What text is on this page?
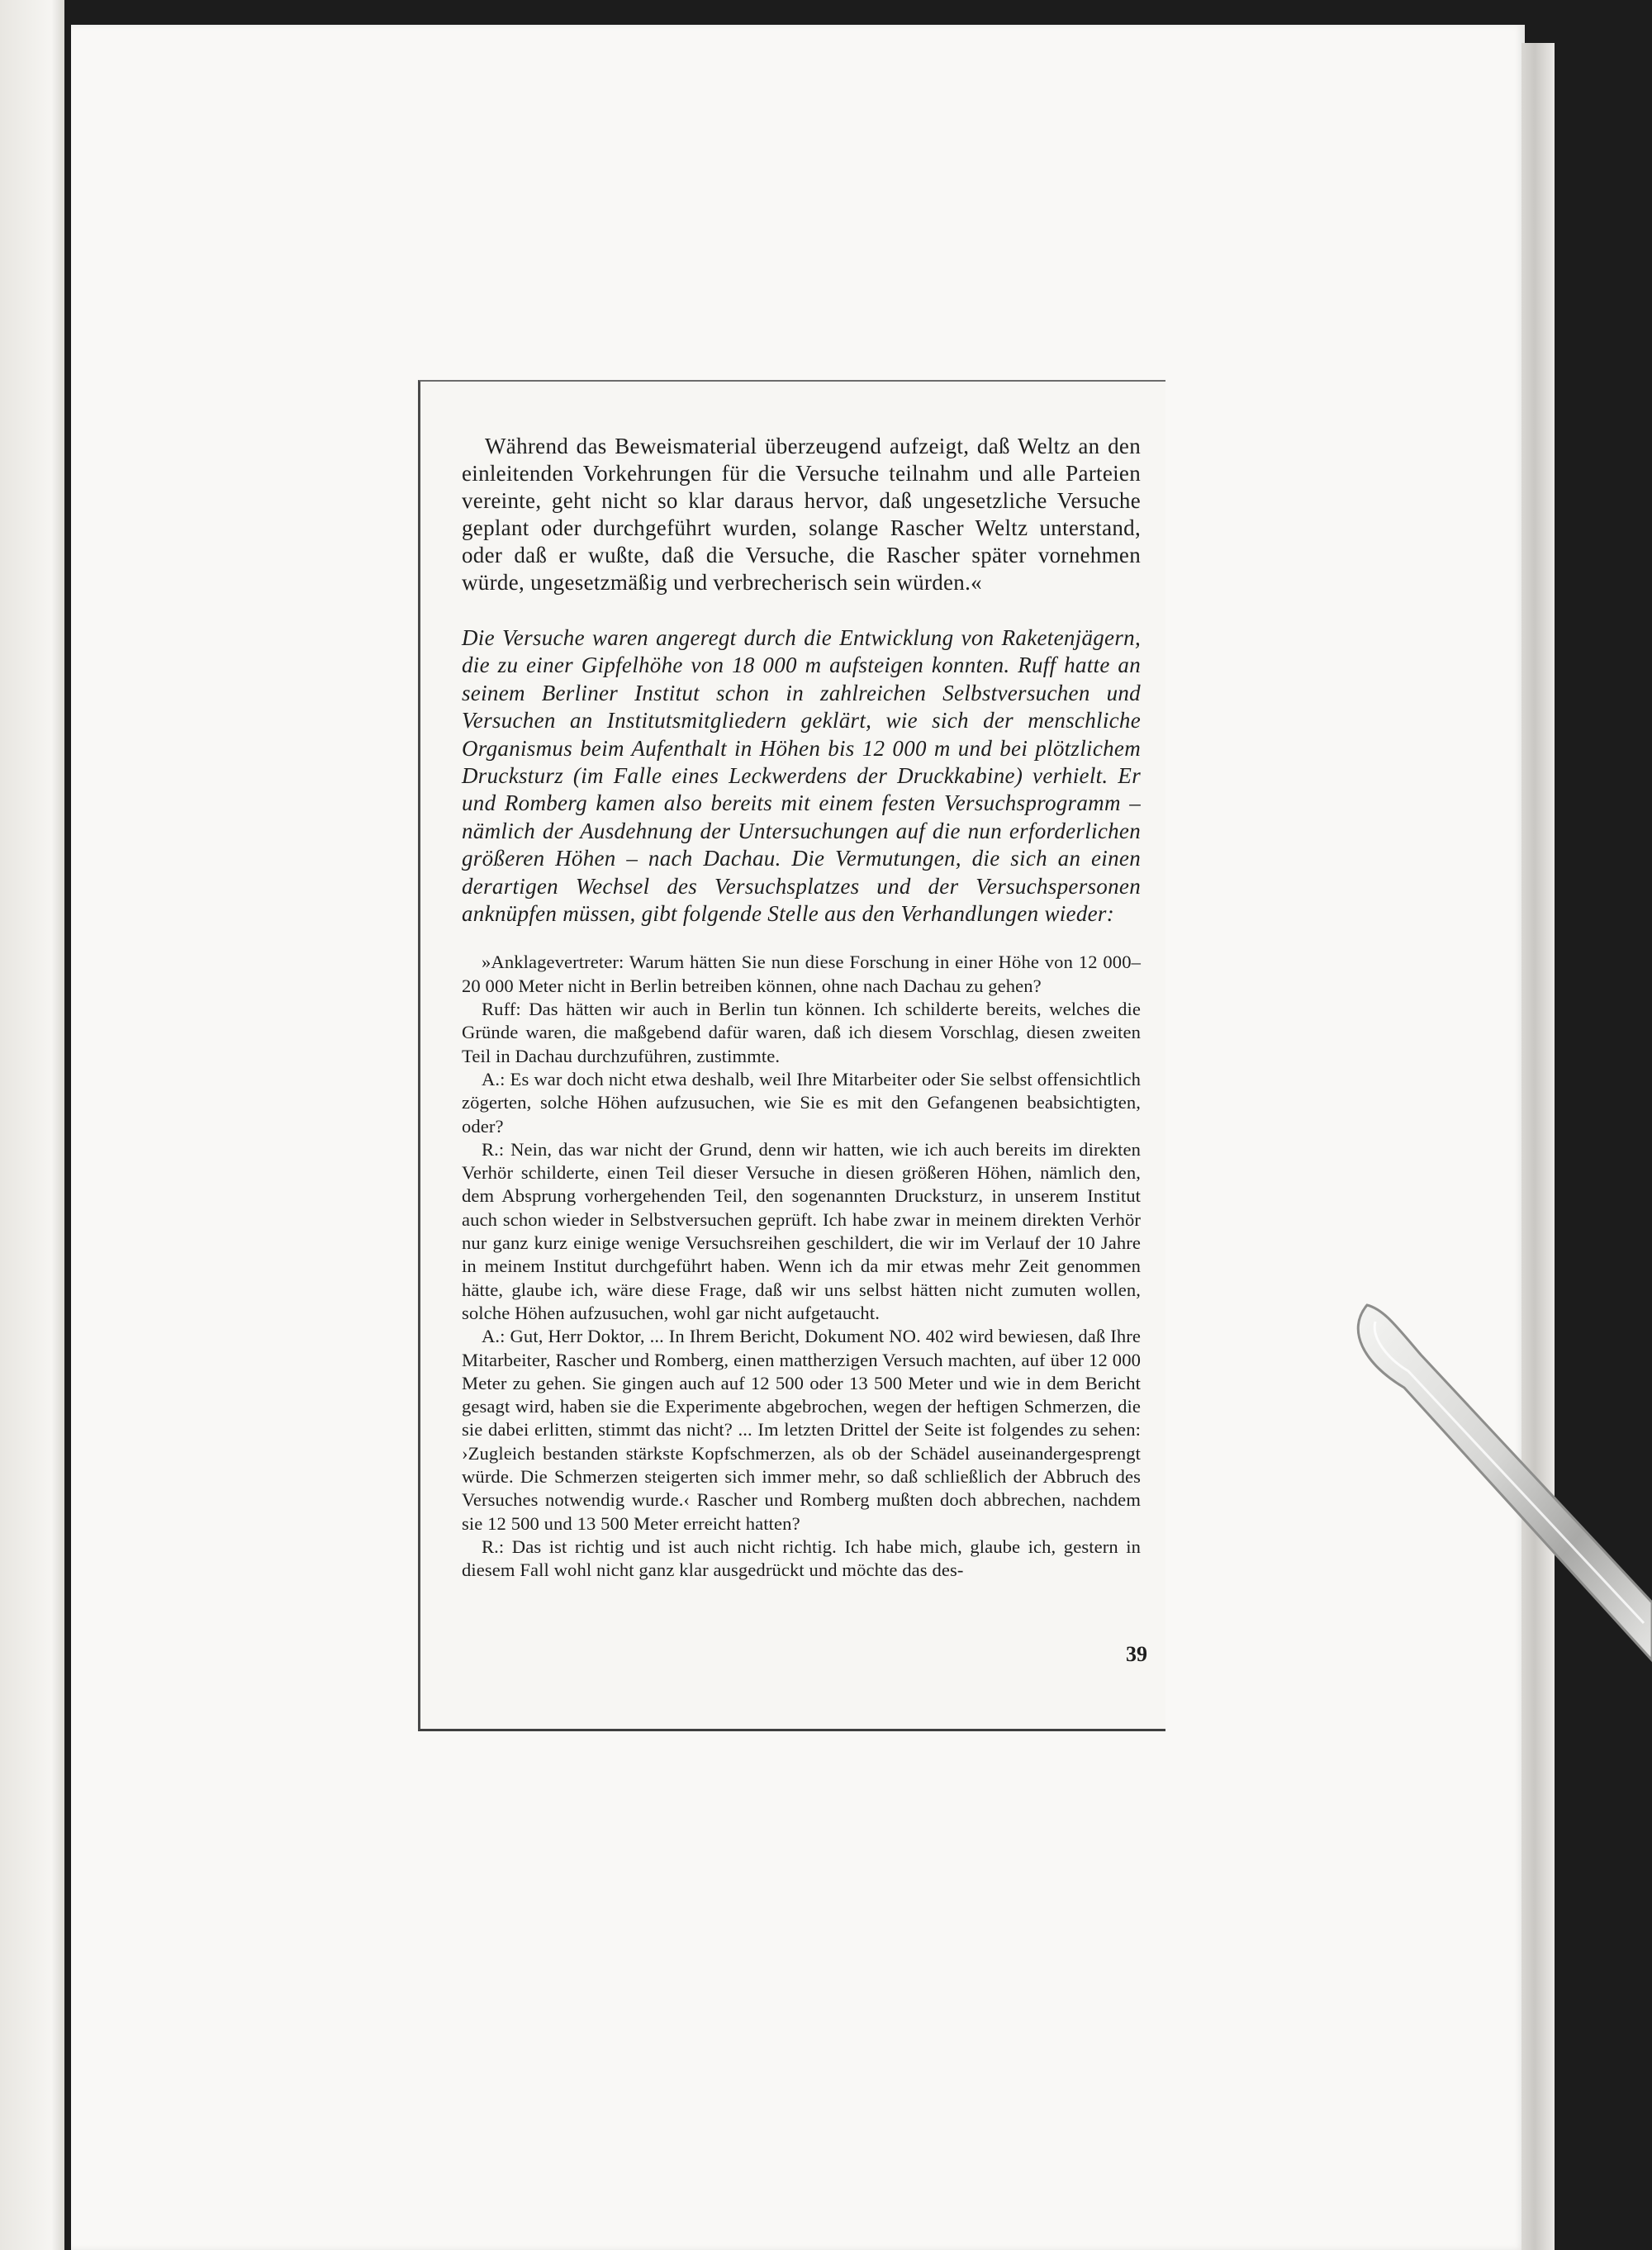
Während das Beweismaterial überzeugend aufzeigt, daß Weltz an den einleitenden Vorkehrungen für die Versuche teilnahm und alle Parteien vereinte, geht nicht so klar daraus hervor, daß ungesetzliche Versuche geplant oder durchgeführt wurden, solange Rascher Weltz unterstand, oder daß er wußte, daß die Versuche, die Rascher später vornehmen würde, ungesetzmäßig und verbrecherisch sein würden.«

Die Versuche waren angeregt durch die Entwicklung von Raketenjägern, die zu einer Gipfelhöhe von 18 000 m aufsteigen konnten. Ruff hatte an seinem Berliner Institut schon in zahlreichen Selbstversuchen und Versuchen an Institutsmitgliedern geklärt, wie sich der menschliche Organismus beim Aufenthalt in Höhen bis 12 000 m und bei plötzlichem Drucksturz (im Falle eines Leckwerdens der Druckkabine) verhielt. Er und Romberg kamen also bereits mit einem festen Versuchsprogramm – nämlich der Ausdehnung der Untersuchungen auf die nun erforderlichen größeren Höhen – nach Dachau. Die Vermutungen, die sich an einen derartigen Wechsel des Versuchsplatzes und der Versuchspersonen anknüpfen müssen, gibt folgende Stelle aus den Verhandlungen wieder:

»Anklagevertreter: Warum hätten Sie nun diese Forschung in einer Höhe von 12 000–20 000 Meter nicht in Berlin betreiben können, ohne nach Dachau zu gehen?

Ruff: Das hätten wir auch in Berlin tun können. Ich schilderte bereits, welches die Gründe waren, die maßgebend dafür waren, daß ich diesem Vorschlag, diesen zweiten Teil in Dachau durchzuführen, zustimmte.

A.: Es war doch nicht etwa deshalb, weil Ihre Mitarbeiter oder Sie selbst offensichtlich zögerten, solche Höhen aufzusuchen, wie Sie es mit den Gefangenen beabsichtigten, oder?

R.: Nein, das war nicht der Grund, denn wir hatten, wie ich auch bereits im direkten Verhör schilderte, einen Teil dieser Versuche in diesen größeren Höhen, nämlich den, dem Absprung vorhergehenden Teil, den sogenannten Drucksturz, in unserem Institut auch schon wieder in Selbstversuchen geprüft. Ich habe zwar in meinem direkten Verhör nur ganz kurz einige wenige Versuchsreihen geschildert, die wir im Verlauf der 10 Jahre in meinem Institut durchgeführt haben. Wenn ich da mir etwas mehr Zeit genommen hätte, glaube ich, wäre diese Frage, daß wir uns selbst hätten nicht zumuten wollen, solche Höhen aufzusuchen, wohl gar nicht aufgetaucht.

A.: Gut, Herr Doktor, ... In Ihrem Bericht, Dokument NO. 402 wird bewiesen, daß Ihre Mitarbeiter, Rascher und Romberg, einen mattherzigen Versuch machten, auf über 12 000 Meter zu gehen. Sie gingen auch auf 12 500 oder 13 500 Meter und wie in dem Bericht gesagt wird, haben sie die Experimente abgebrochen, wegen der heftigen Schmerzen, die sie dabei erlitten, stimmt das nicht? ... Im letzten Drittel der Seite ist folgendes zu sehen: ›Zugleich bestanden stärkste Kopfschmerzen, als ob der Schädel auseinandergesprengt würde. Die Schmerzen steigerten sich immer mehr, so daß schließlich der Abbruch des Versuches notwendig wurde.‹ Rascher und Romberg mußten doch abbrechen, nachdem sie 12 500 und 13 500 Meter erreicht hatten?

R.: Das ist richtig und ist auch nicht richtig. Ich habe mich, glaube ich, gestern in diesem Fall wohl nicht ganz klar ausgedrückt und möchte das des-

39
